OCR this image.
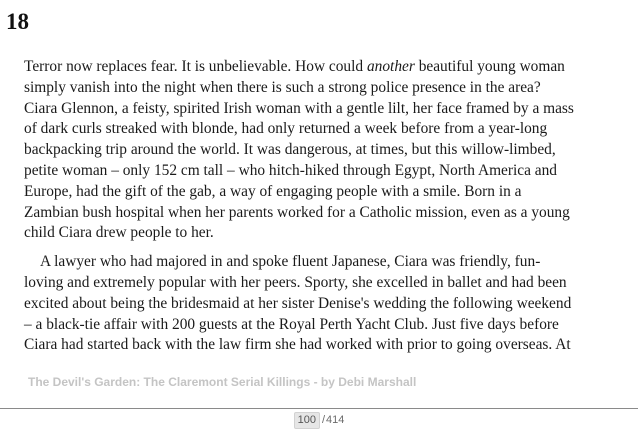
18

Terror now replaces fear. It is unbelievable. How could another beautiful young woman
simply vanish into the night when there is such a strong police presence in the area?
Ciara Glennon, a feisty, spirited Irish woman with a gentle lilt, her face framed by a mass
of dark curls streaked with blonde, had only returned a week before from a year-long
backpacking trip around the world. It was dangerous, at times, but this willow-limbed,
petite woman – only 152 cm tall – who hitch-hiked through Egypt, North America and
Europe, had the gift of the gab, a way of engaging people with a smile. Born in a
Zambian bush hospital when her parents worked for a Catholic mission, even as a young
child Ciara drew people to her.

A lawyer who had majored in and spoke fluent Japanese, Ciara was friendly, fun-
loving and extremely popular with her peers. Sporty, she excelled in ballet and had been
excited about being the bridesmaid at her sister Denise's wedding the following weekend
– a black-tie affair with 200 guests at the Royal Perth Yacht Club. Just five days before
Ciara had started back with the law firm she had worked with prior to going overseas. At

The Devil's Garden: The Claremont Serial Killings - by Debi Marshall
100 /414
